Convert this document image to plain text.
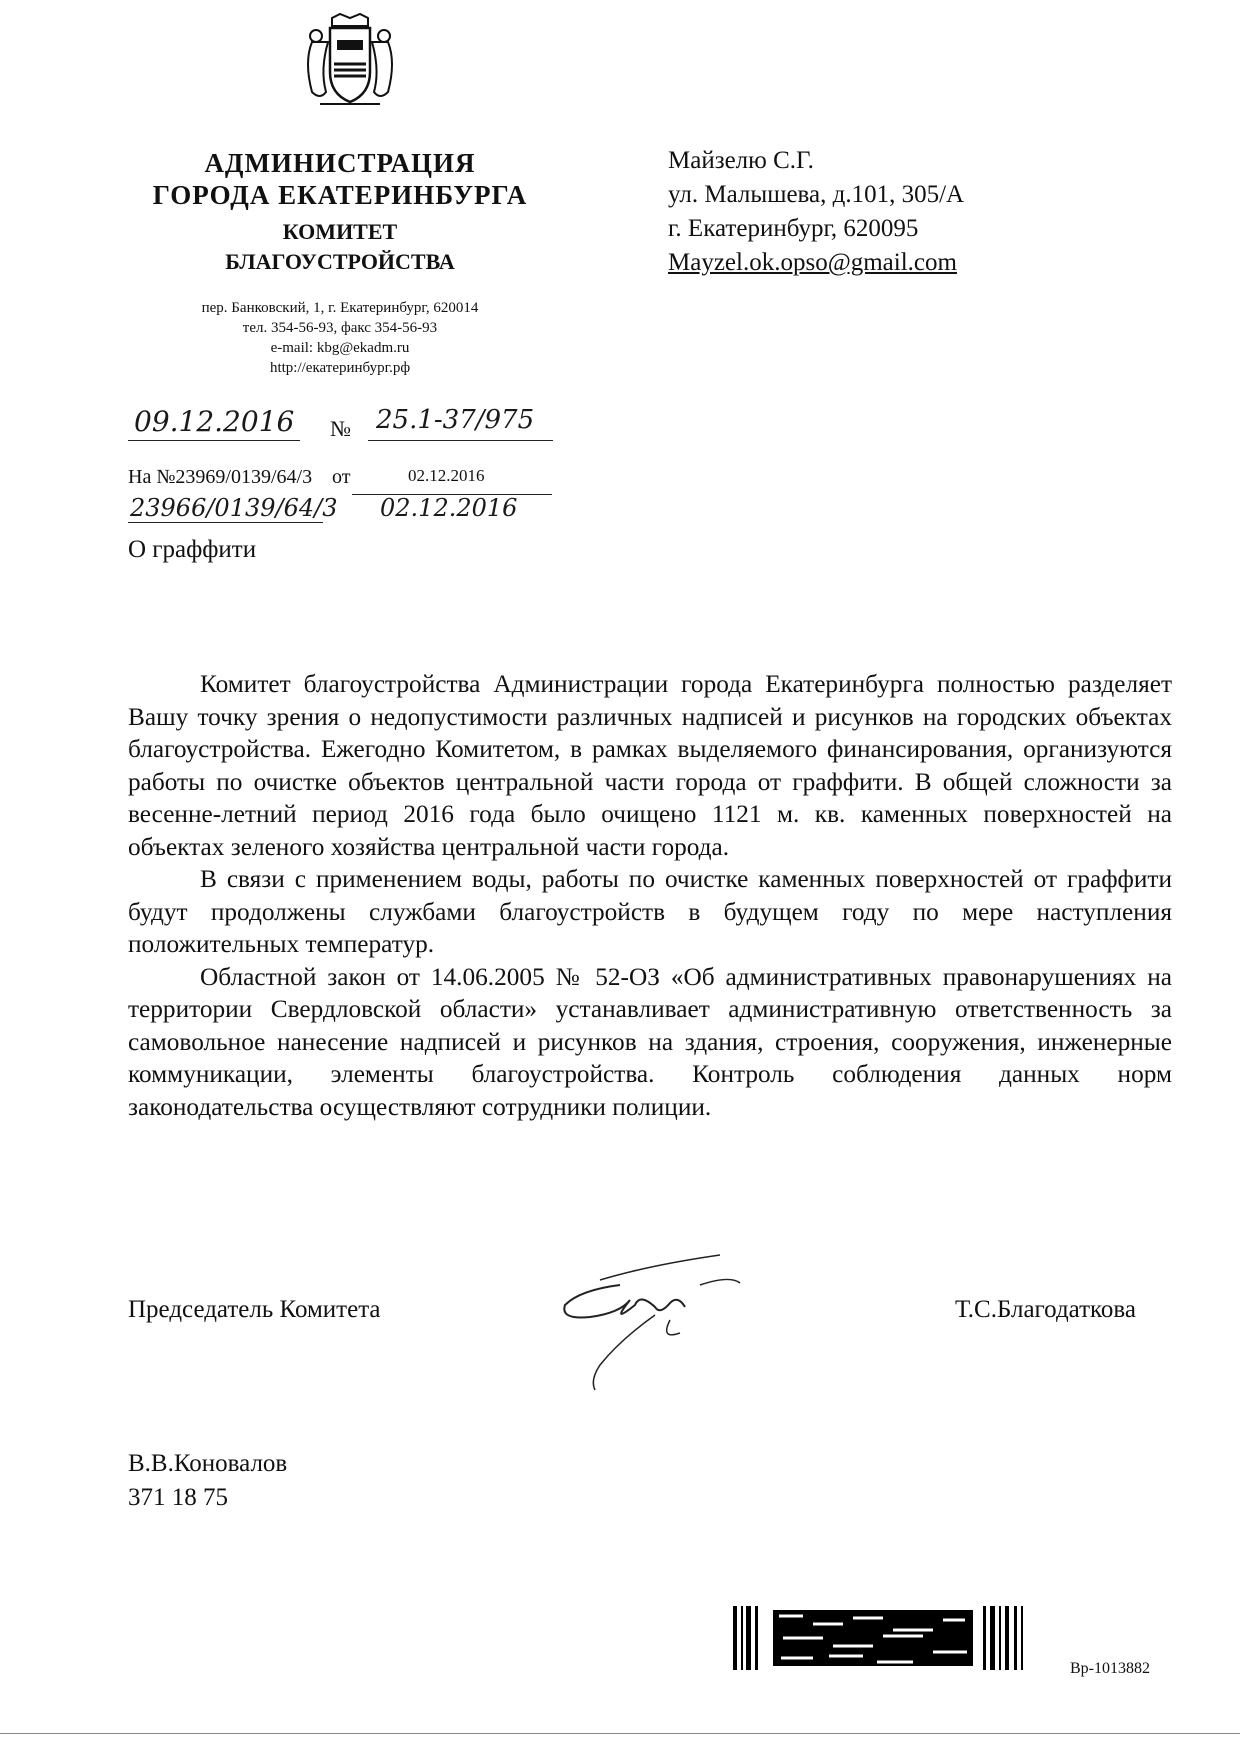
АДМИНИСТРАЦИЯ
ГОРОДА ЕКАТЕРИНБУРГА
КОМИТЕТ
БЛАГОУСТРОЙСТВА
пер. Банковский, 1, г. Екатеринбург, 620014
тел. 354-56-93, факс 354-56-93
e-mail: kbg@ekadm.ru
http://екатеринбург.рф
Майзелю С.Г.
ул. Малышева, д.101, 305/А
г. Екатеринбург, 620095
Mayzel.ok.opso@gmail.com
09.12.2016	№ 25.1-37/975
На №23969/0139/64/3 от	02.12.2016
23966/0139/64/3 02.12.2016
О граффити

Комитет благоустройства Администрации города Екатеринбурга полностью разделяет Вашу точку зрения о недопустимости различных надписей и рисунков на городских объектах благоустройства. Ежегодно Комитетом, в рамках выделяемого финансирования, организуются работы по очистке объектов центральной части города от граффити. В общей сложности за весенне-летний период 2016 года было очищено 1121 м. кв. каменных поверхностей на объектах зеленого хозяйства центральной части города.

В связи с применением воды, работы по очистке каменных поверхностей от граффити будут продолжены службами благоустройств в будущем году по мере наступления положительных температур.

Областной закон от 14.06.2005 № 52-ОЗ «Об административных правонарушениях на территории Свердловской области» устанавливает административную ответственность за самовольное нанесение надписей и рисунков на здания, строения, сооружения, инженерные коммуникации, элементы благоустройства. Контроль соблюдения данных норм законодательства осуществляют сотрудники полиции.

Председатель Комитета	Т.С.Благодаткова
В.В.Коновалов
371 18 75
Вр-1013882
